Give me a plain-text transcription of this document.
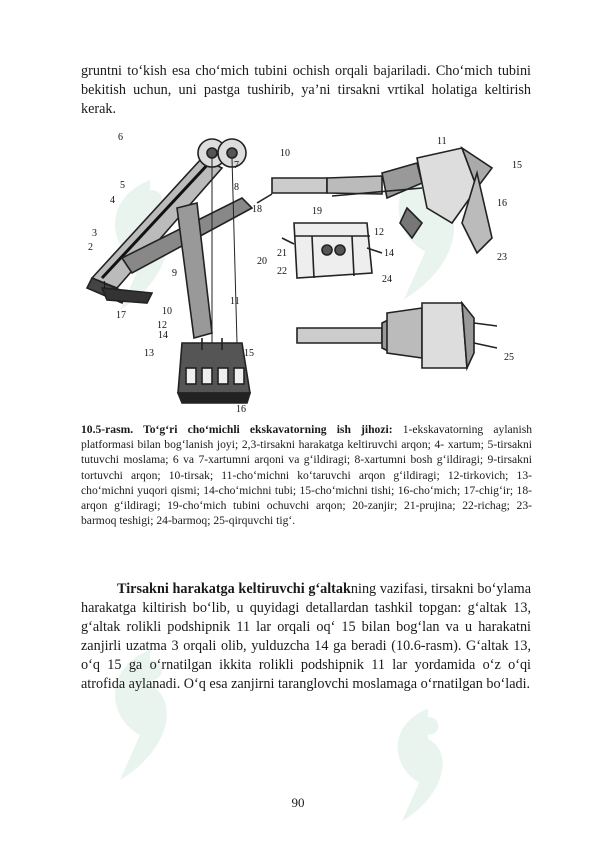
gruntni to‘kish esa cho‘mich tubini ochish orqali bajariladi. Cho‘mich tubini bekitish uchun, uni pastga tushirib, ya’ni tirsakni vrtikal holatiga keltirish kerak.

1
2
3
4
5
6
7
8
9
10
11
12
13
14
15
16
17
10
11
12
14
15
16
18	19
20
21
22
23
24
25

10.5-rasm. To‘g‘ri cho‘michli ekskavatorning ish jihozi: 1-ekskavatorning aylanish platformasi bilan bog‘lanish joyi; 2,3-tirsakni harakatga keltiruvchi arqon; 4- xartum; 5-tirsakni tutuvchi moslama; 6 va 7-xartumni arqoni va g‘ildiragi; 8-xartumni bosh g‘ildiragi; 9-tirsakni tortuvchi arqon; 10-tirsak; 11-cho‘michni ko‘taruvchi arqon g‘ildiragi; 12-tirkovich; 13-cho‘michni yuqori qismi; 14-cho‘michni tubi; 15-cho‘michni tishi; 16-cho‘mich; 17-chig‘ir; 18-arqon g‘ildiragi; 19-cho‘mich tubini ochuvchi arqon; 20-zanjir; 21-prujina; 22-richag; 23-barmoq teshigi; 24-barmoq; 25-qirquvchi tig‘.

Tirsakni harakatga keltiruvchi g‘altakning vazifasi, tirsakni bo‘ylama harakatga kiltirish bo‘lib, u quyidagi detallardan tashkil topgan: g‘altak 13, g‘altak rolikli podshipnik 11 lar orqali oq‘ 15 bilan bog‘lan va u harakatni zanjirli uzatma 3 orqali olib, yulduzcha 14 ga beradi (10.6-rasm). G‘altak 13, o‘q 15 ga o‘rnatilgan ikkita rolikli podshipnik 11 lar yordamida o‘z o‘qi atrofida aylanadi. O‘q esa zanjirni taranglovchi moslamaga o‘rnatilgan bo‘ladi.

90
